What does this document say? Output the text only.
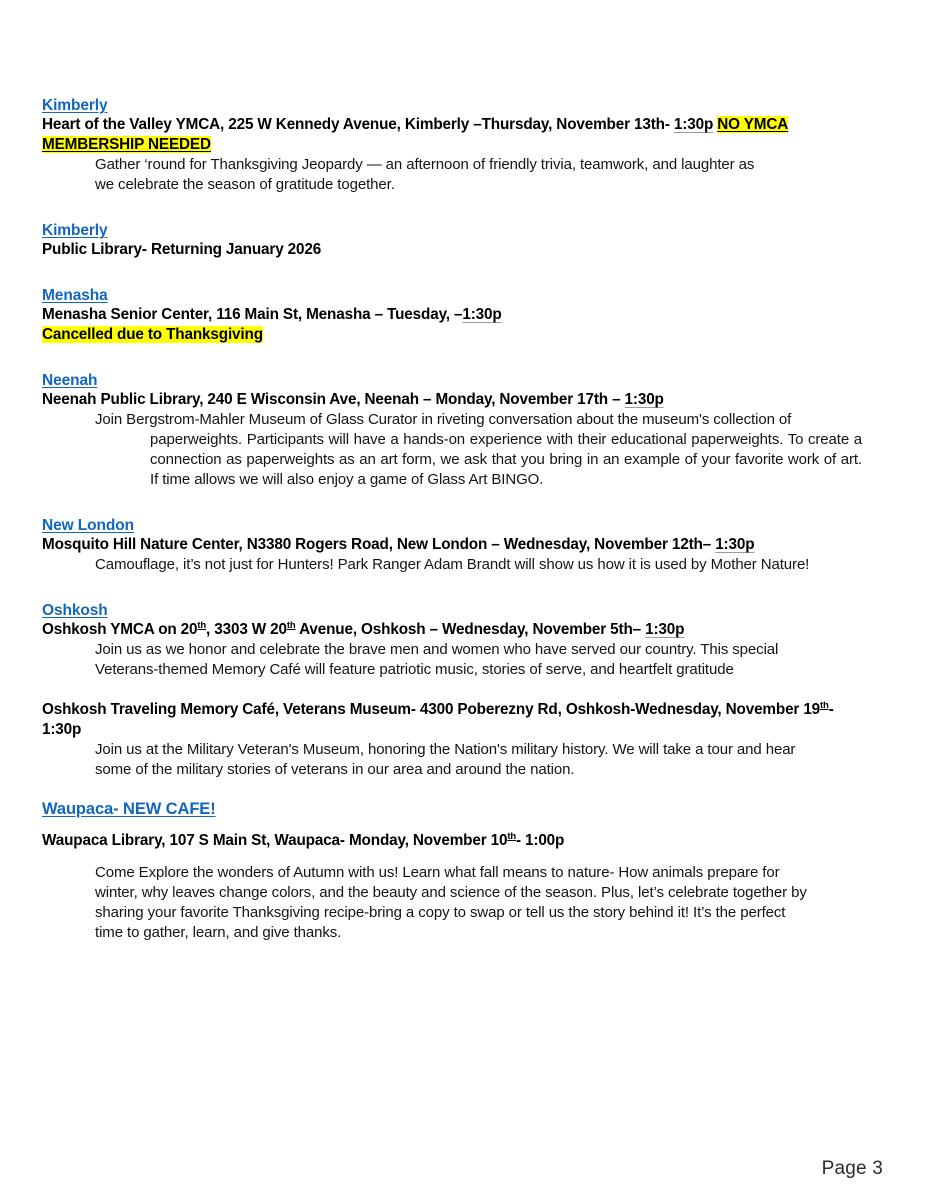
Kimberly

Heart of the Valley YMCA, 225 W Kennedy Avenue, Kimberly –Thursday, November 13th- 1:30p NO YMCA

MEMBERSHIP NEEDED

Gather ‘round for Thanksgiving Jeopardy — an afternoon of friendly trivia, teamwork, and laughter as

we celebrate the season of gratitude together.

Kimberly

Public Library- Returning January 2026

Menasha

Menasha Senior Center, 116 Main St, Menasha – Tuesday, –1:30p

Cancelled due to Thanksgiving

Neenah

Neenah Public Library, 240 E Wisconsin Ave, Neenah – Monday, November 17th – 1:30p

Join Bergstrom-Mahler Museum of Glass Curator in riveting conversation about the museum's collection of
paperweights. Participants will have a hands-on experience with their educational paperweights. To create a connection as paperweights as an art form, we ask that you bring in an example of your favorite work of art. If time allows we will also enjoy a game of Glass Art BINGO.
New London

Mosquito Hill Nature Center, N3380 Rogers Road, New London – Wednesday, November 12th– 1:30p

Camouflage, it’s not just for Hunters! Park Ranger Adam Brandt will show us how it is used by Mother Nature!

Oshkosh

Oshkosh YMCA on 20th, 3303 W 20th Avenue, Oshkosh – Wednesday, November 5th– 1:30p

Join us as we honor and celebrate the brave men and women who have served our country. This special

Veterans-themed Memory Café will feature patriotic music, stories of serve, and heartfelt gratitude

Oshkosh Traveling Memory Café, Veterans Museum- 4300 Poberezny Rd, Oshkosh-Wednesday, November 19th-1:30p

Join us at the Military Veteran's Museum, honoring the Nation's military history. We will take a tour and hear

some of the military stories of veterans in our area and around the nation.

Waupaca- NEW CAFE!

Waupaca Library, 107 S Main St, Waupaca- Monday, November 10th- 1:00p

Come Explore the wonders of Autumn with us! Learn what fall means to nature- How animals prepare for

winter, why leaves change colors, and the beauty and science of the season. Plus, let’s celebrate together by

sharing your favorite Thanksgiving recipe-bring a copy to swap or tell us the story behind it! It’s the perfect

time to gather, learn, and give thanks.

Page 3
